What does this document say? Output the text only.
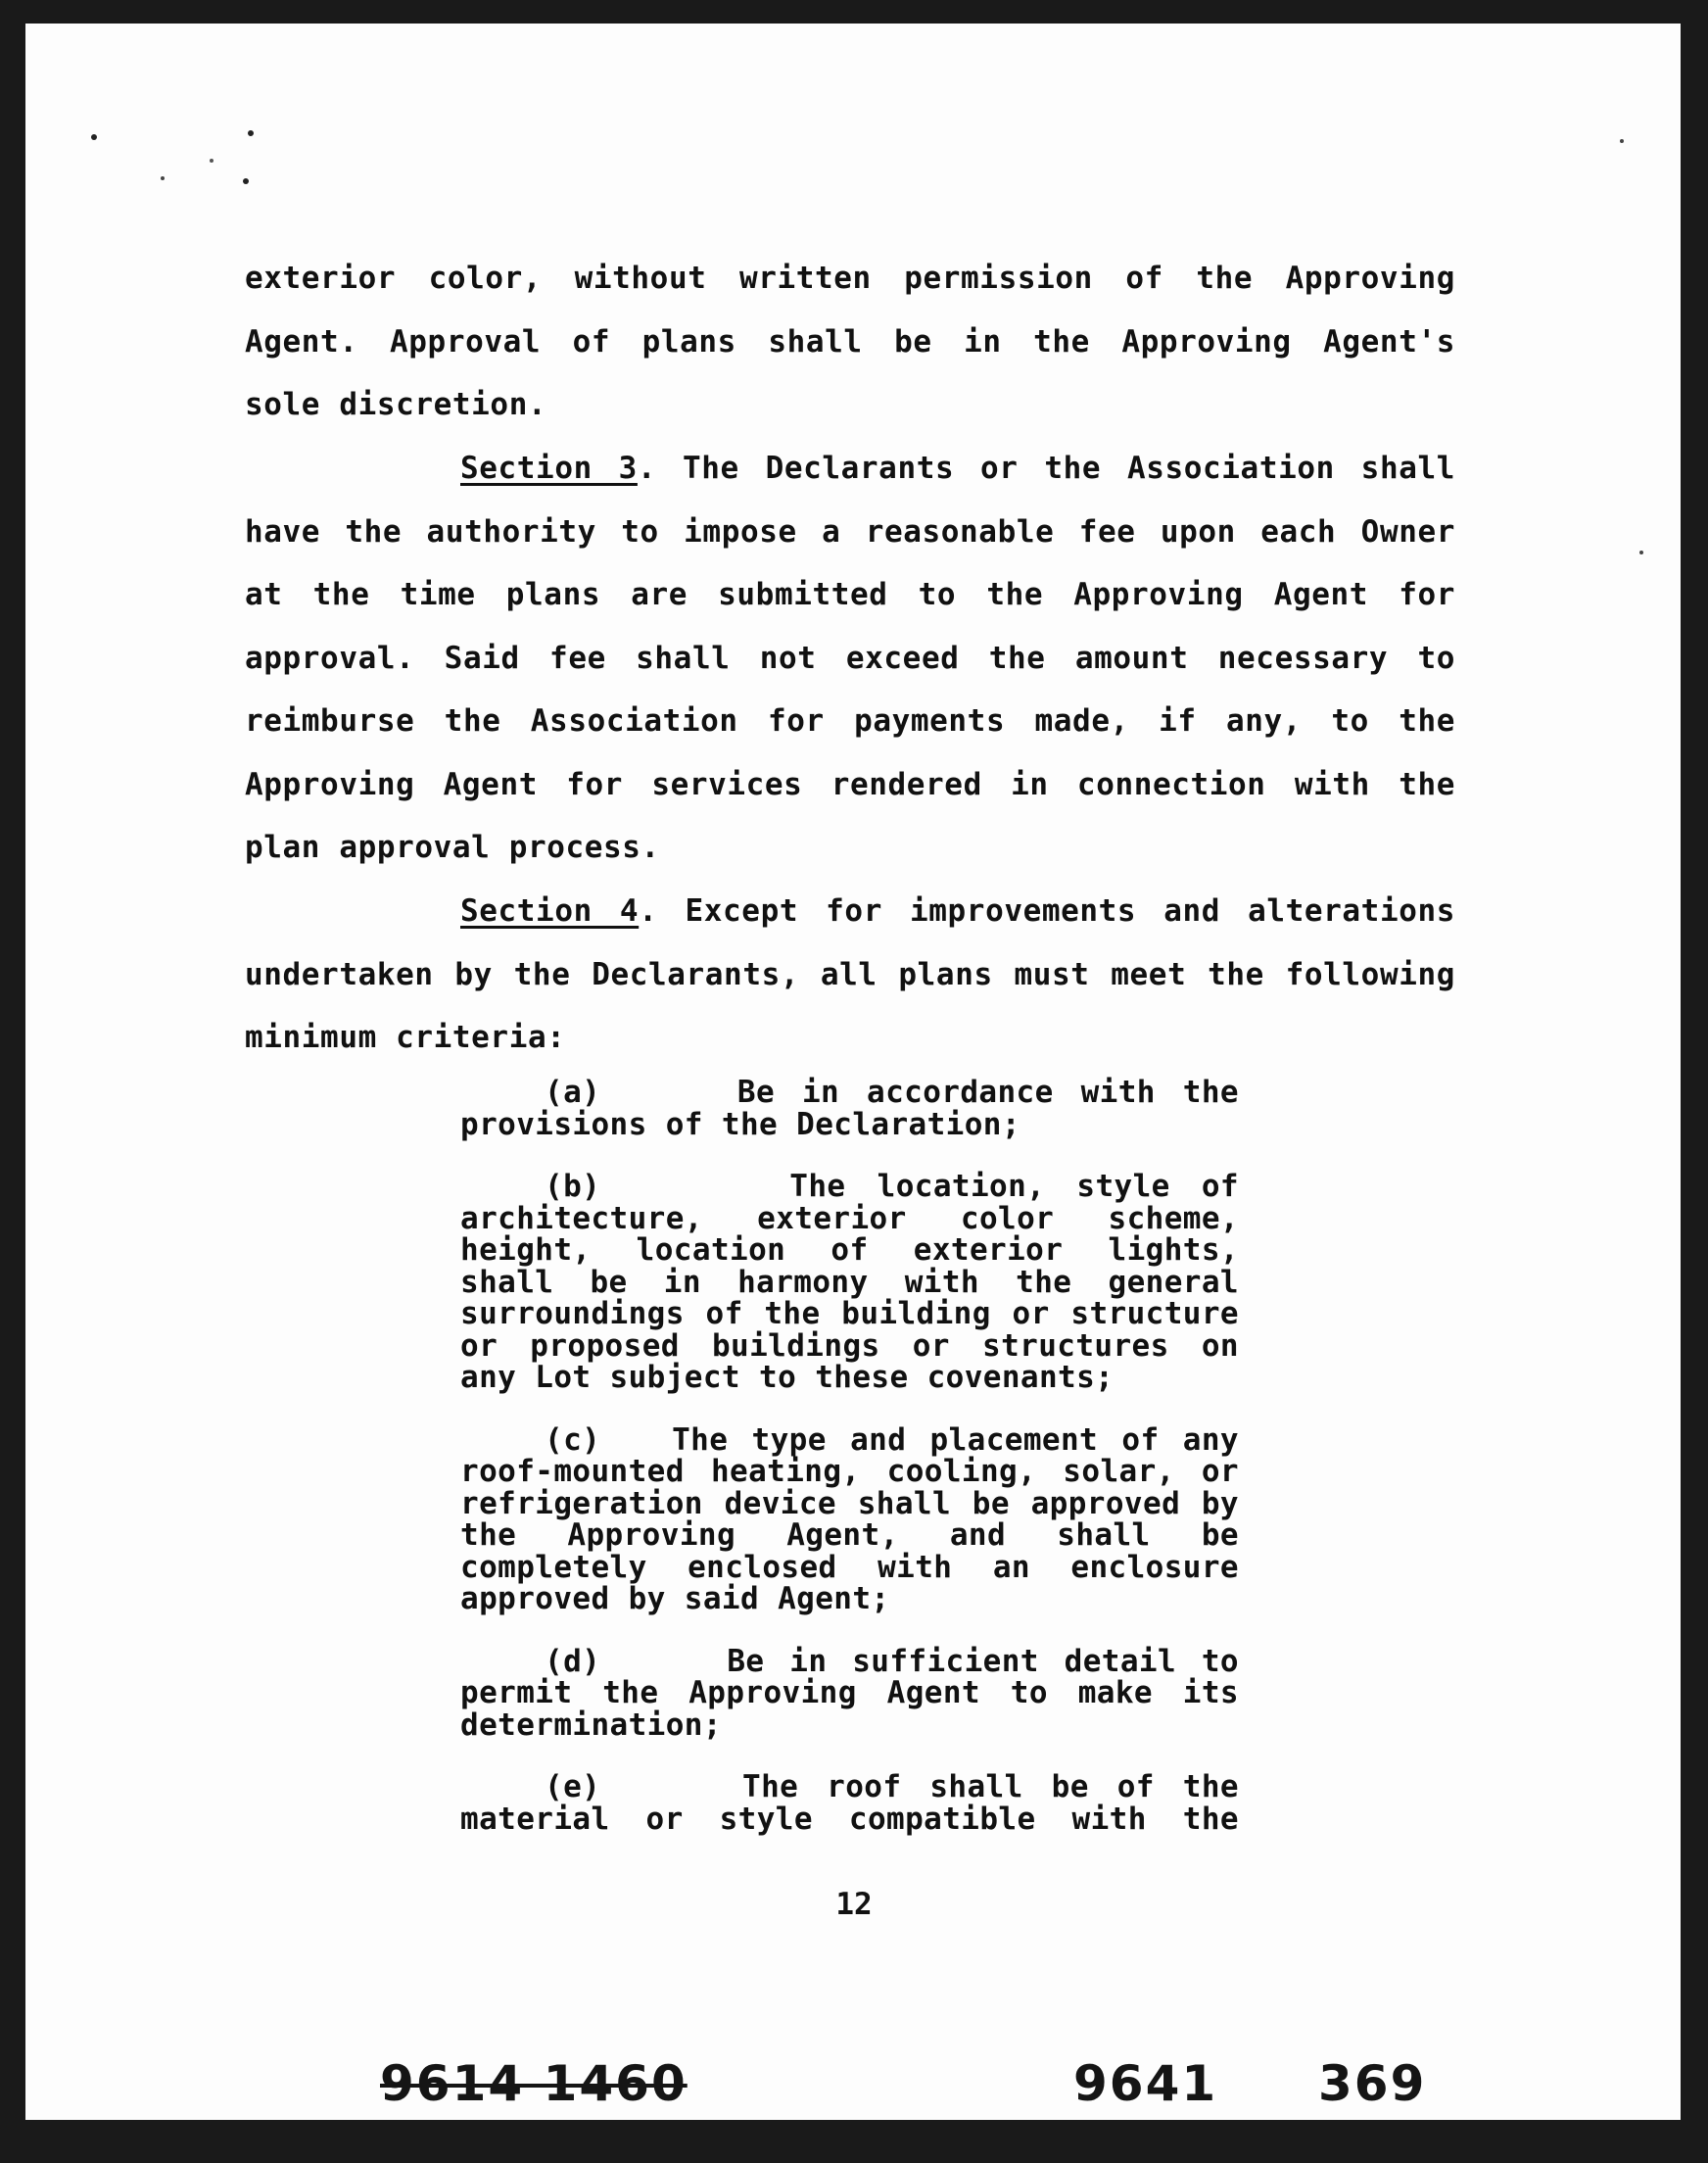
exterior color, without written permission of the Approving
Agent. Approval of plans shall be in the Approving Agent's
sole discretion.
Section 3. The Declarants or the Association shall
have the authority to impose a reasonable fee upon each Owner
at the time plans are submitted to the Approving Agent for
approval. Said fee shall not exceed the amount necessary to
reimburse the Association for payments made, if any, to the
Approving Agent for services rendered in connection with the
plan approval process.
Section 4. Except for improvements and alterations
undertaken by the Declarants, all plans must meet the following
minimum criteria:
(a)	Be in accordance with the
provisions of the Declaration;
(b)	The location, style of
architecture, exterior color scheme,
height, location of exterior lights,
shall be in harmony with the general
surroundings of the building or structure
or proposed buildings or structures on
any Lot subject to these covenants;
(c) The type and placement of any
roof-mounted heating, cooling, solar, or
refrigeration device shall be approved by
the Approving Agent, and shall be
completely enclosed with an enclosure
approved by said Agent;
(d)	Be in sufficient detail to
permit the Approving Agent to make its
determination;
(e)	The roof shall be of the
material or style compatible with the
12
9614 1460	9641 369
